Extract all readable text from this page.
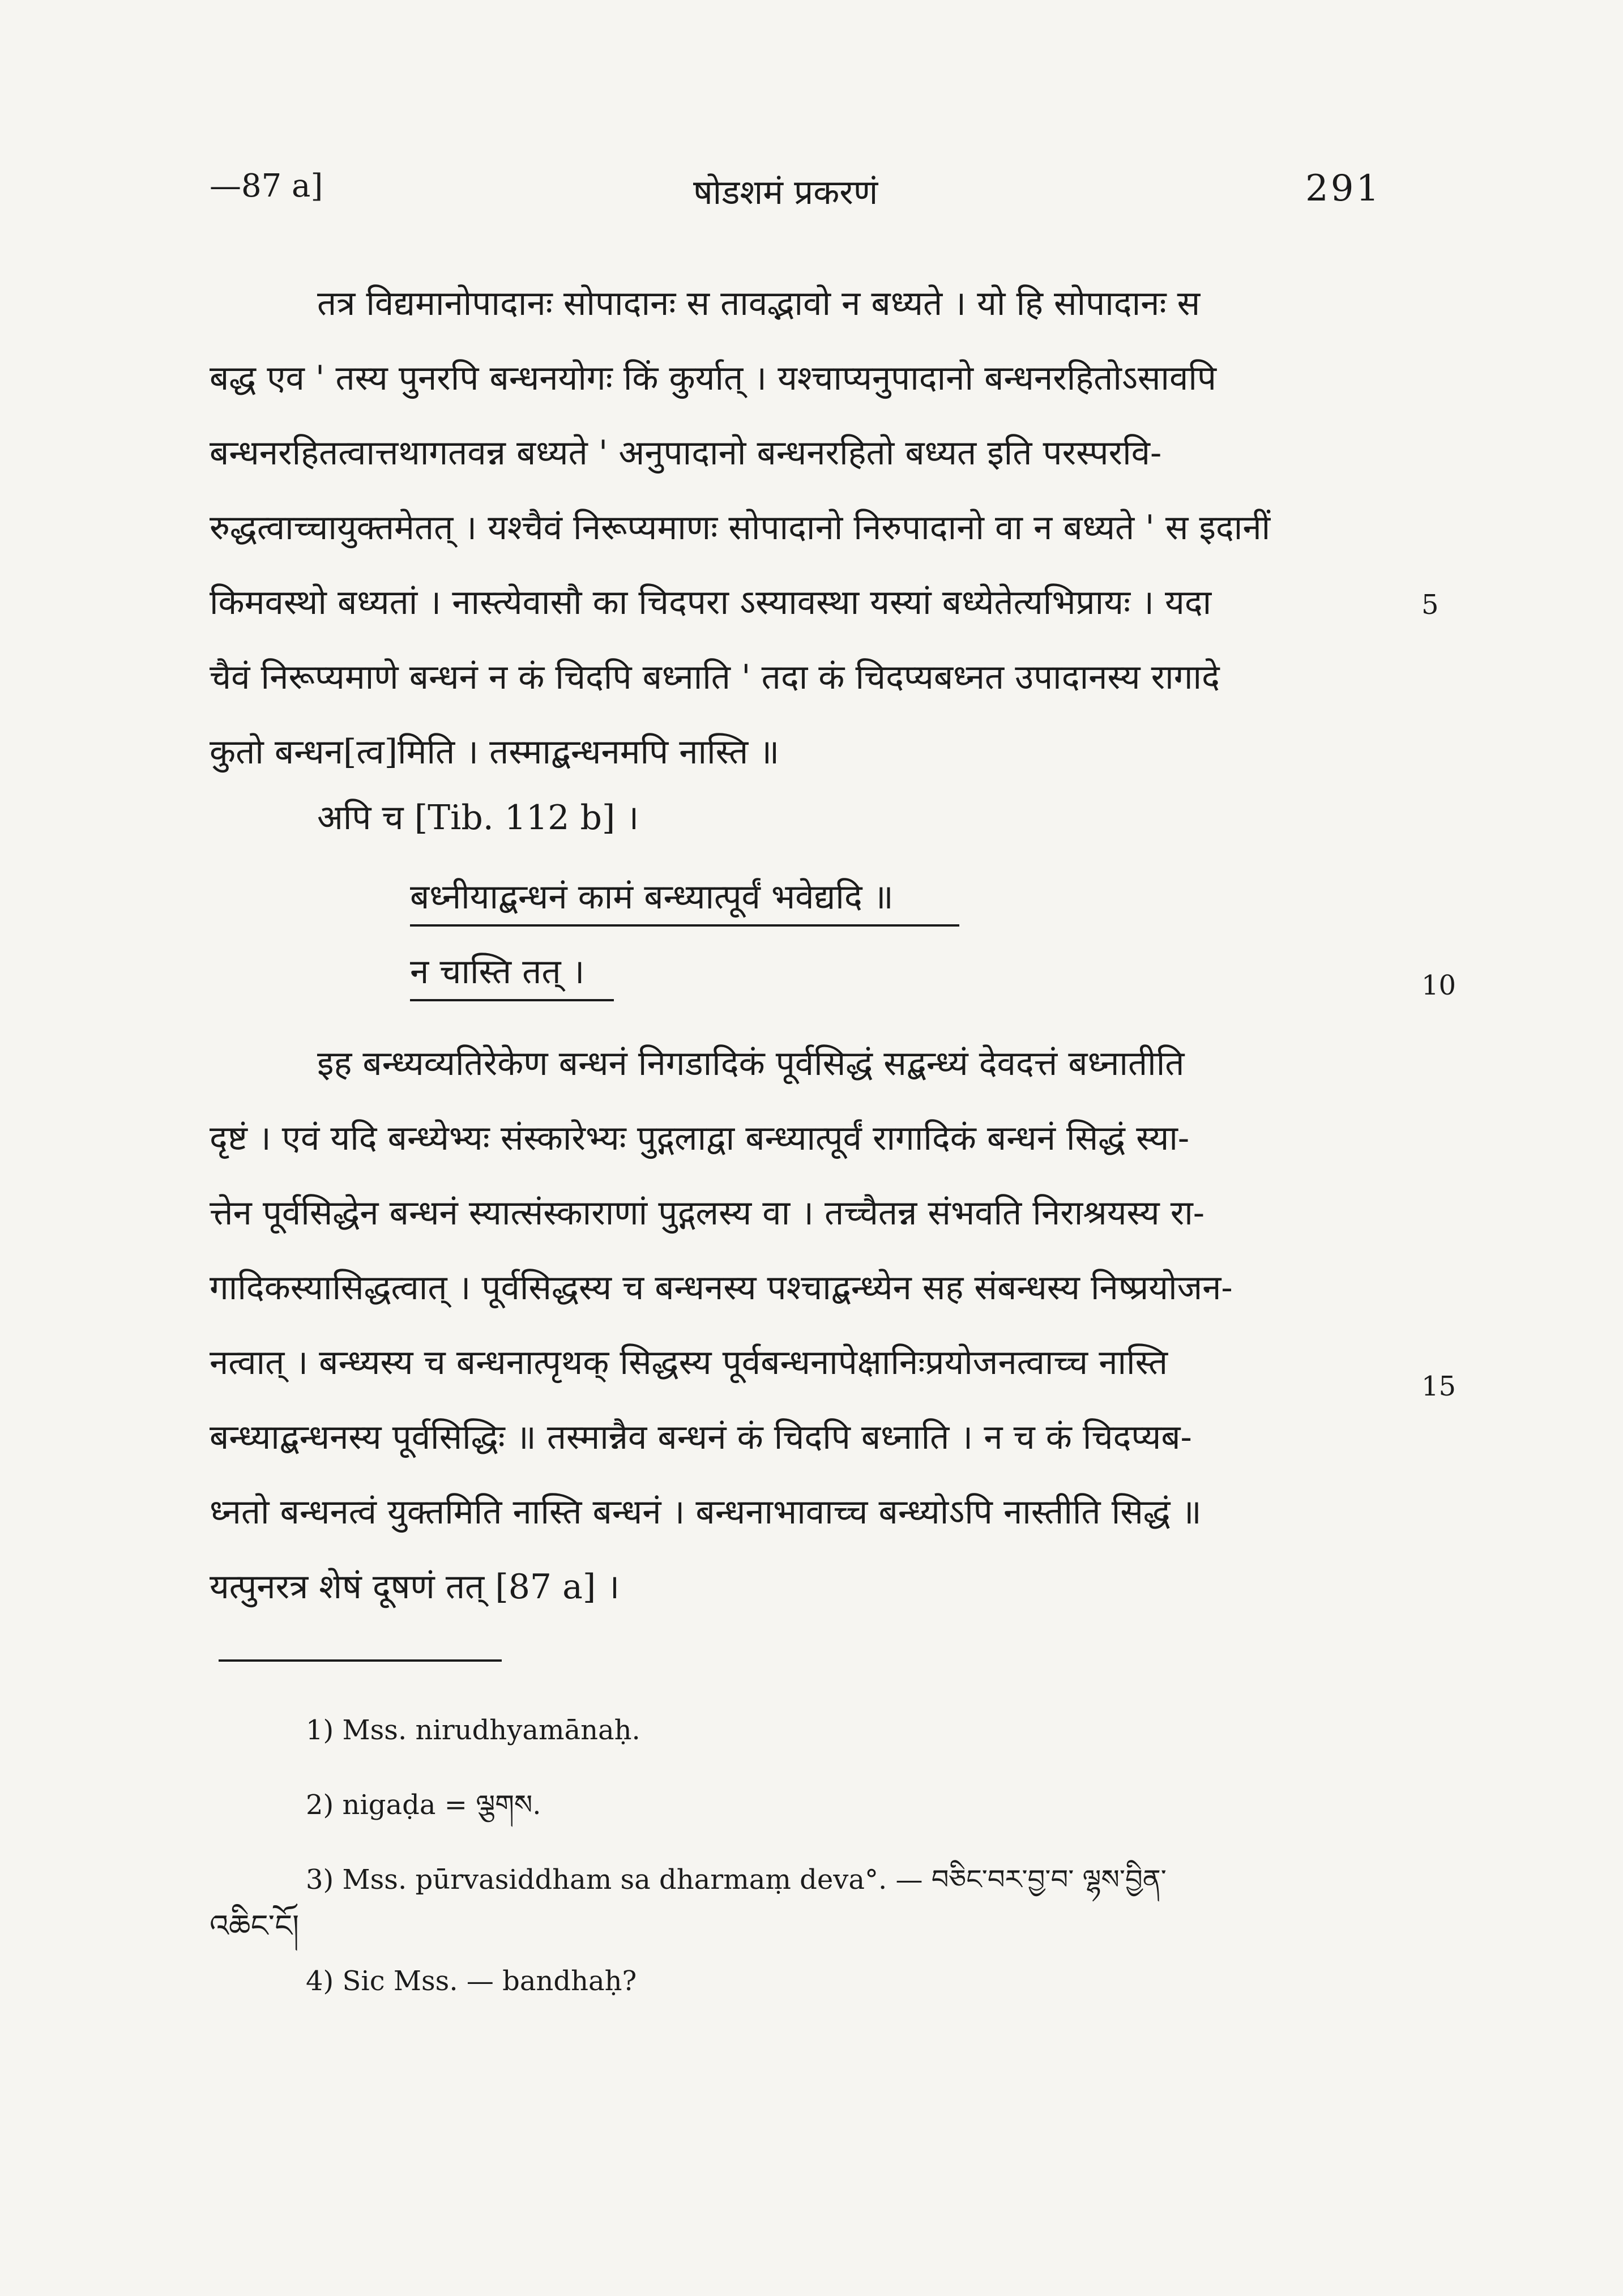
—87 a]	षोडशमं प्रकरणं	291
तत्र विद्यमानोपादानः सोपादानः स तावद्भावो न बध्यते । यो हि सोपादानः स
बद्ध एव ' तस्य पुनरपि बन्धनयोगः किं कुर्यात् । यश्चाप्यनुपादानो बन्धनरहितोऽसावपि
बन्धनरहितत्वात्तथागतवन्न बध्यते ' अनुपादानो बन्धनरहितो बध्यत इति परस्परवि-
रुद्धत्वाच्चायुक्तमेतत् । यश्चैवं निरूप्यमाणः सोपादानो निरुपादानो वा न बध्यते ' स इदानीं
किमवस्थो बध्यतां । नास्त्येवासौ का चिदपरा ऽस्यावस्था यस्यां बध्येतेत्यभिप्रायः । यदा
चैवं निरूप्यमाणे बन्धनं न कं चिदपि बध्नाति ' तदा कं चिदप्यबध्नत उपादानस्य रागादे
कुतो बन्धन[त्व]मिति । तस्माद्बन्धनमपि नास्ति ॥
5
अपि च [Tib. 112 b] ।
बध्नीयाद्बन्धनं कामं बन्ध्यात्पूर्वं भवेद्यदि ॥
न चास्ति तत् ।	10
इह बन्ध्यव्यतिरेकेण बन्धनं निगडादिकं पूर्वसिद्धं सद्बन्ध्यं देवदत्तं बध्नातीति
दृष्टं । एवं यदि बन्ध्येभ्यः संस्कारेभ्यः पुद्गलाद्वा बन्ध्यात्पूर्वं रागादिकं बन्धनं सिद्धं स्या-
त्तेन पूर्वसिद्धेन बन्धनं स्यात्संस्काराणां पुद्गलस्य वा । तच्चैतन्न संभवति निराश्रयस्य रा-
गादिकस्यासिद्धत्वात् । पूर्वसिद्धस्य च बन्धनस्य पश्चाद्बन्ध्येन सह संबन्धस्य निष्प्रयोजन-
नत्वात् । बन्ध्यस्य च बन्धनात्पृथक् सिद्धस्य पूर्वबन्धनापेक्षानिःप्रयोजनत्वाच्च नास्ति
बन्ध्याद्बन्धनस्य पूर्वसिद्धिः ॥ तस्मान्नैव बन्धनं कं चिदपि बध्नाति । न च कं चिदप्यब-
ध्नतो बन्धनत्वं युक्तमिति नास्ति बन्धनं । बन्धनाभावाच्च बन्ध्योऽपि नास्तीति सिद्धं ॥
यत्पुनरत्र शेषं दूषणं तत् [87 a] ।
15
1) Mss. nirudhyamānaḥ.
2) nigaḍa = ལྕགས.
3) Mss. pūrvasiddham sa dharmaṃ deva°. — བཅིང་བར་བྱ་བ་ ལྷས་བྱིན་
འཆིང་ངོ།
4) Sic Mss. — bandhaḥ?
